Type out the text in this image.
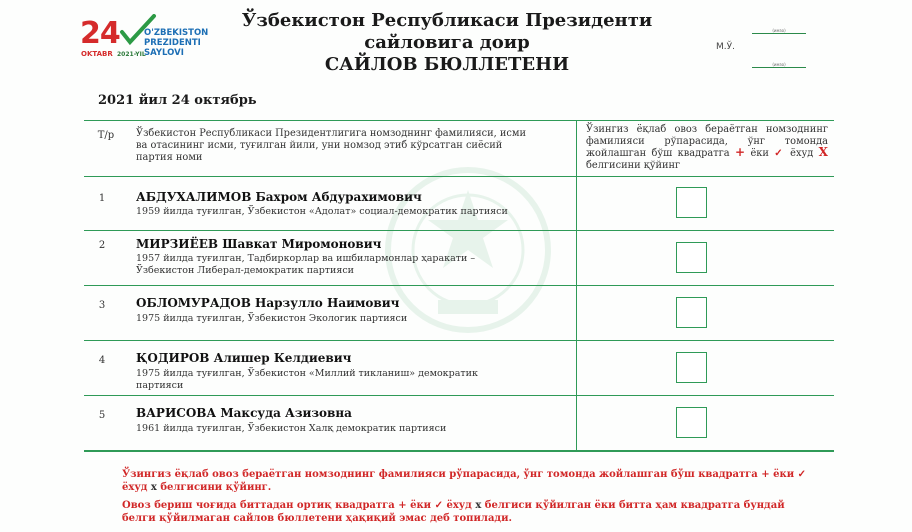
24	O'ZBEKISTON
PREZIDENTI
SAYLOVI
OKTABR 2021-YIL
Ўзбекистон Республикаси Президенти
сайловига доир
САЙЛОВ БЮЛЛЕТЕНИ
(имзо)
М.Ў.
(имзо)
2021 йил 24 октябрь
Т/р	Ўзбекистон Республикаси Президентлигига номзоднинг фамилияси, исми ва отасининг исми, туғилган йили, уни номзод этиб кўрсатган сиёсий партия номи
Ўзингиз ёқлаб овоз бераётган номзоднинг фамилияси рўпарасида, ўнг томонда жойлашган бўш квадратга + ёки ✓ ёхуд X белгисини қўйинг
1	АБДУХАЛИМОВ Бахром Абдурахимович
1959 йилда туғилган, Ўзбекистон «Адолат» социал-демократик партияси
2	МИРЗИЁЕВ Шавкат Миромонович
1957 йилда туғилган, Тадбиркорлар ва ишбилармонлар ҳаракати – Ўзбекистон Либерал-демократик партияси
3	ОБЛОМУРАДОВ Нарзулло Наимович
1975 йилда туғилган, Ўзбекистон Экологик партияси
4	ҚОДИРОВ Алишер Келдиевич
1975 йилда туғилган, Ўзбекистон «Миллий тикланиш» демократик партияси
5	ВАРИСОВА Максуда Азизовна
1961 йилда туғилган, Ўзбекистон Халқ демократик партияси
Ўзингиз ёқлаб овоз бераётган номзоднинг фамилияси рўпарасида, ўнг томонда жойлашган бўш квадратга + ёки ✓ ёхуд x белгисини қўйинг.
Овоз бериш чоғида биттадан ортиқ квадратга + ёки ✓ ёхуд x белгиси қўйилган ёки битта ҳам квадратга бундай белги қўйилмаган сайлов бюллетени ҳақиқий эмас деб топилади.
